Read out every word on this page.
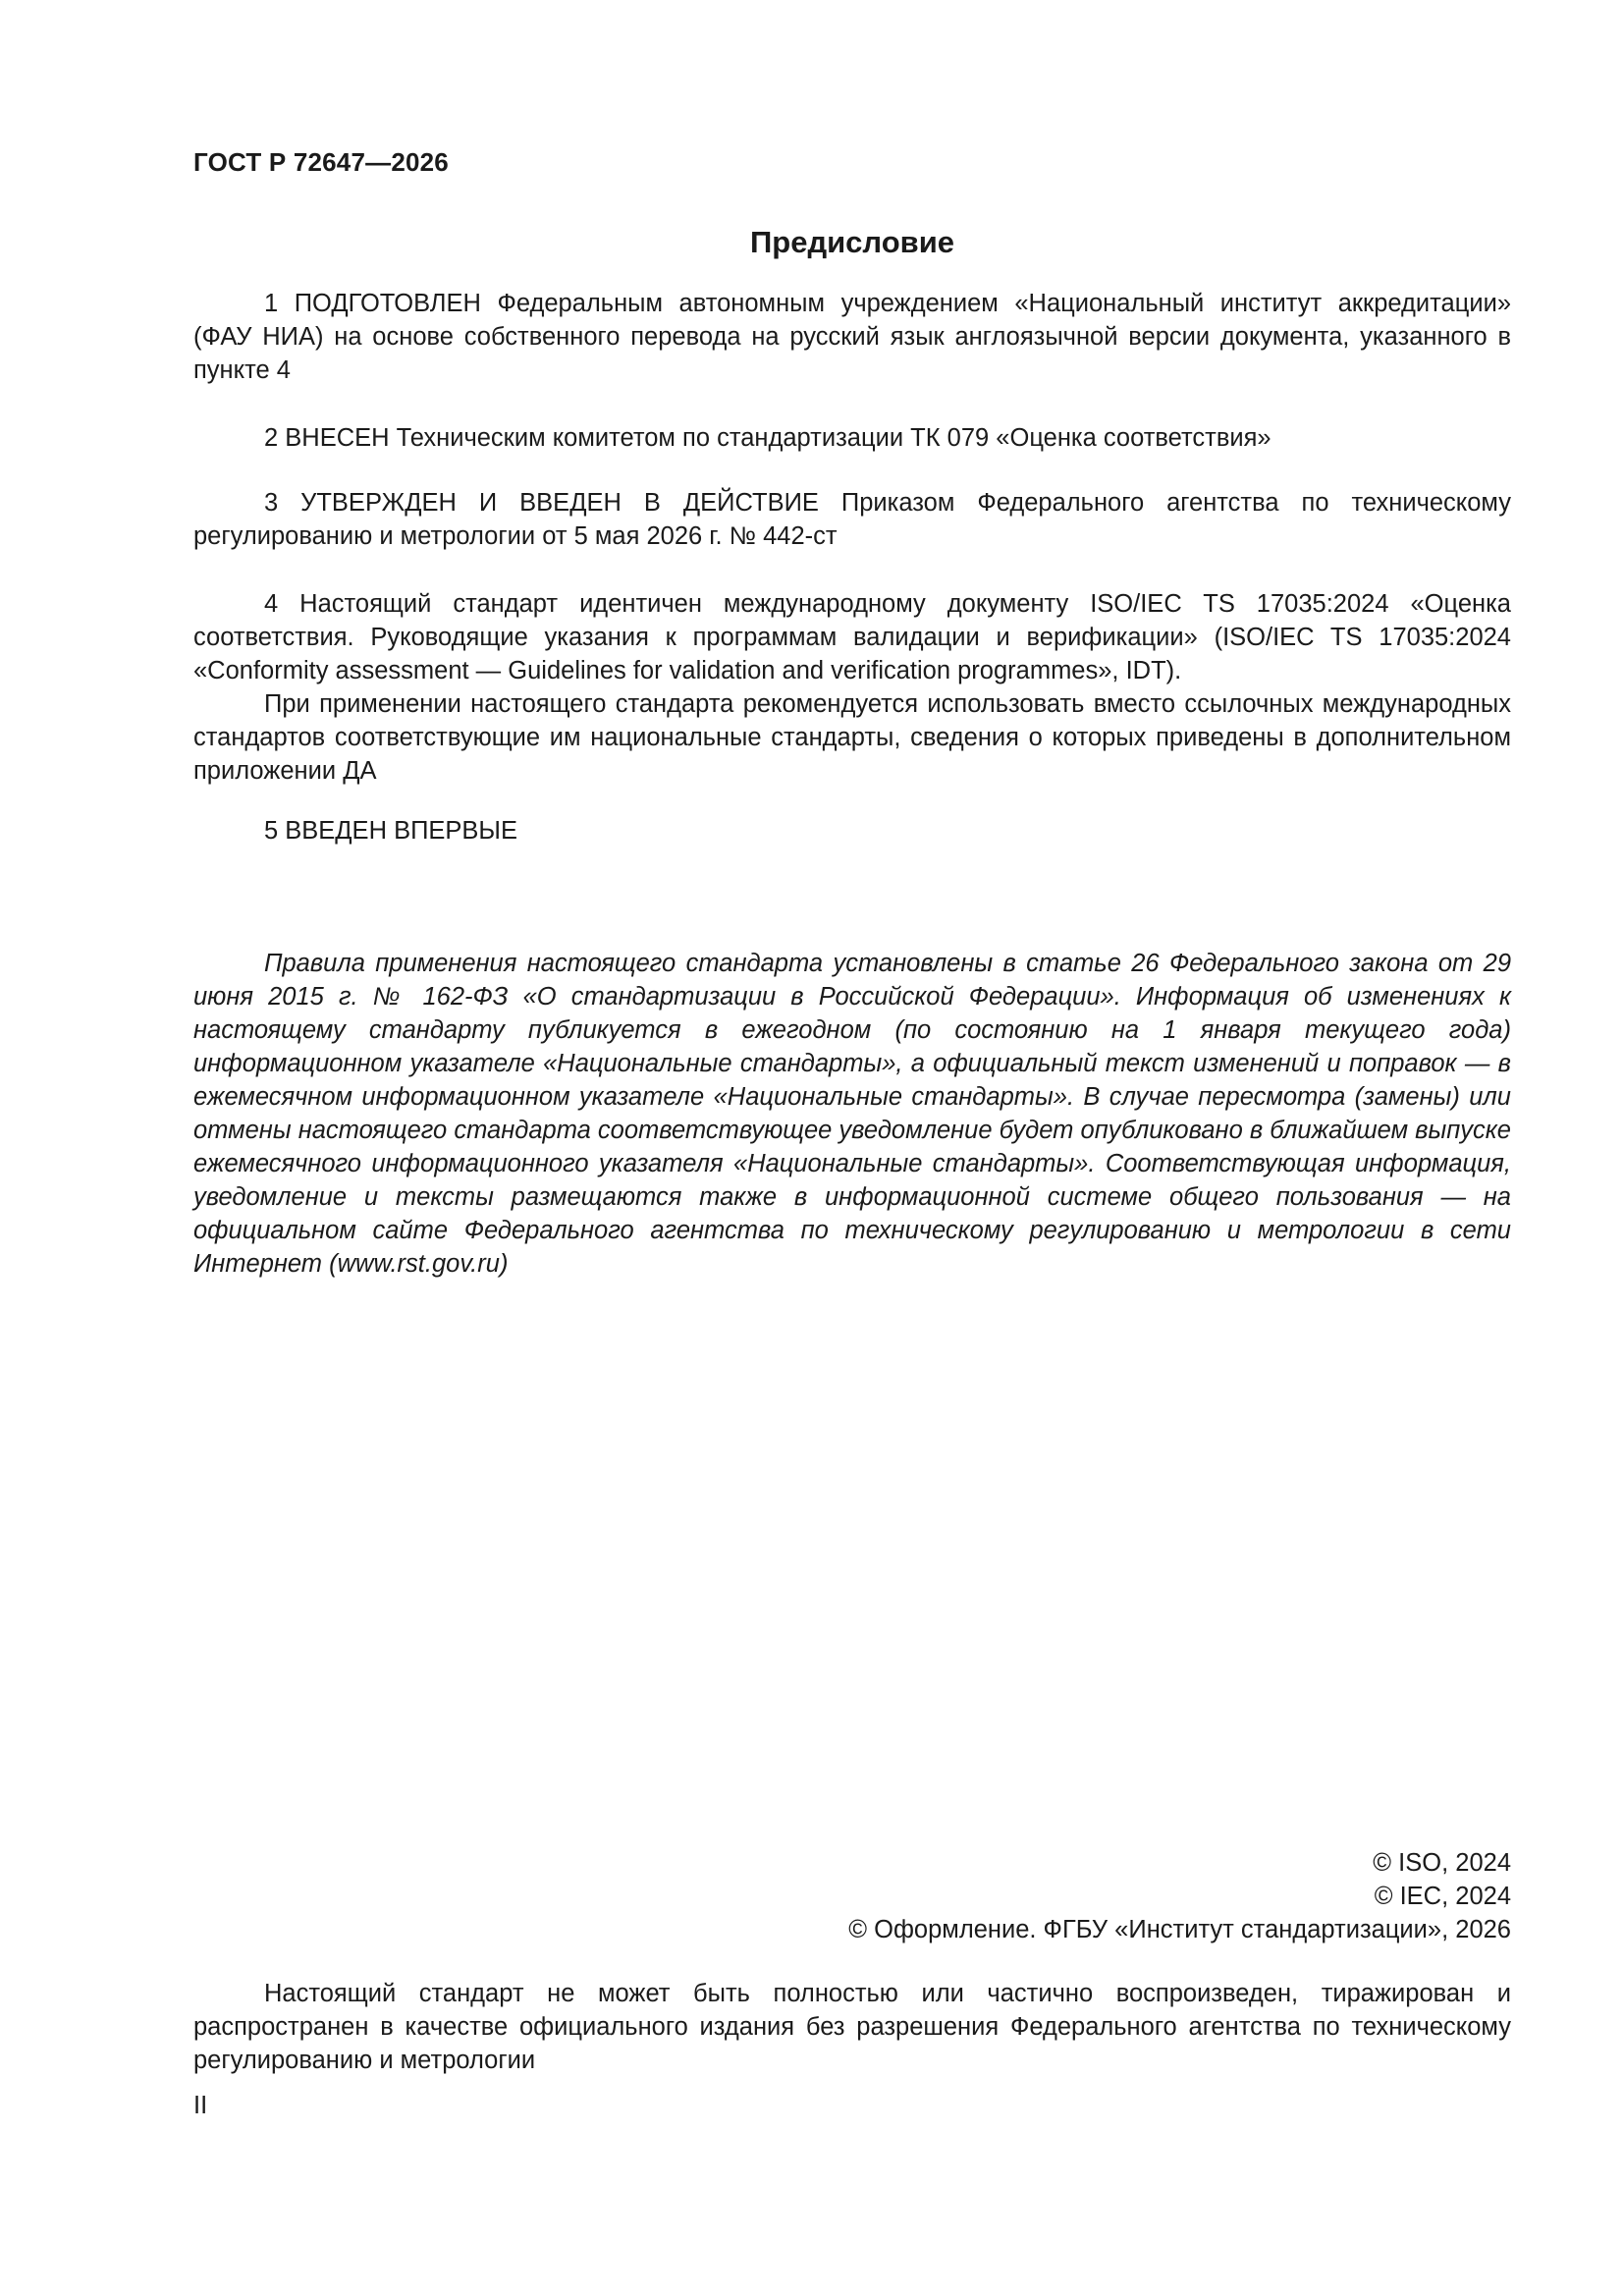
ГОСТ Р 72647—2026
Предисловие

1 ПОДГОТОВЛЕН Федеральным автономным учреждением «Национальный институт аккредитации» (ФАУ НИА) на основе собственного перевода на русский язык англоязычной версии документа, указанного в пункте 4

2 ВНЕСЕН Техническим комитетом по стандартизации ТК 079 «Оценка соответствия»

3 УТВЕРЖДЕН И ВВЕДЕН В ДЕЙСТВИЕ Приказом Федерального агентства по техническому регулированию и метрологии от 5 мая 2026 г. № 442-ст

4 Настоящий стандарт идентичен международному документу ISO/IEC TS 17035:2024 «Оценка соответствия. Руководящие указания к программам валидации и верификации» (ISO/IEC TS 17035:2024 «Conformity assessment — Guidelines for validation and verification programmes», IDT).

При применении настоящего стандарта рекомендуется использовать вместо ссылочных международных стандартов соответствующие им национальные стандарты, сведения о которых приведены в дополнительном приложении ДА

5 ВВЕДЕН ВПЕРВЫЕ

Правила применения настоящего стандарта установлены в статье 26 Федерального закона от 29 июня 2015 г. № 162-ФЗ «О стандартизации в Российской Федерации». Информация об изменениях к настоящему стандарту публикуется в ежегодном (по состоянию на 1 января текущего года) информационном указателе «Национальные стандарты», а официальный текст изменений и поправок — в ежемесячном информационном указателе «Национальные стандарты». В случае пересмотра (замены) или отмены настоящего стандарта соответствующее уведомление будет опубликовано в ближайшем выпуске ежемесячного информационного указателя «Национальные стандарты». Соответствующая информация, уведомление и тексты размещаются также в информационной системе общего пользования — на официальном сайте Федерального агентства по техническому регулированию и метрологии в сети Интернет (www.rst.gov.ru)
© ISO, 2024
© IEC, 2024
© Оформление. ФГБУ «Институт стандартизации», 2026
Настоящий стандарт не может быть полностью или частично воспроизведен, тиражирован и распространен в качестве официального издания без разрешения Федерального агентства по техническому регулированию и метрологии
II
